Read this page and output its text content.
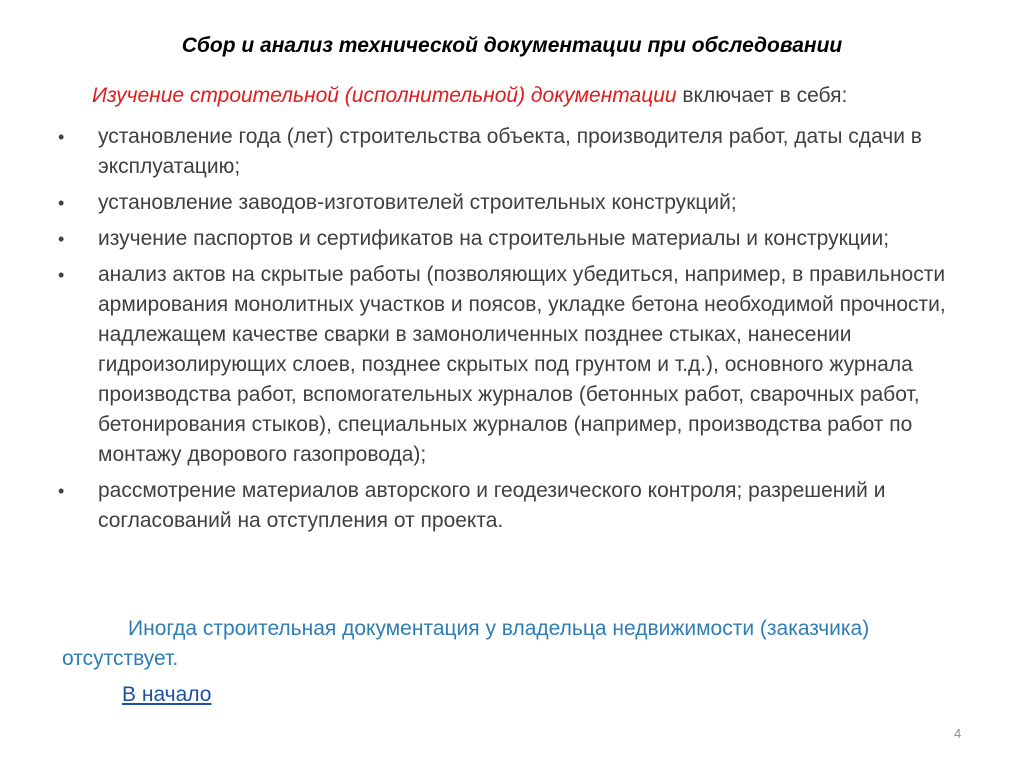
Сбор и анализ технической документации при обследовании
Изучение строительной (исполнительной) документации включает в себя:
• установление года (лет) строительства объекта, производителя работ, даты сдачи в эксплуатацию;
• установление заводов-изготовителей строительных конструкций;
• изучение паспортов и сертификатов на строительные материалы и конструкции;
• анализ актов на скрытые работы (позволяющих убедиться, например, в правильности армирования монолитных участков и поясов, укладке бетона необходимой прочности, надлежащем качестве сварки в замоноличенных позднее стыках, нанесении гидроизолирующих слоев, позднее скрытых под грунтом и т.д.), основного журнала производства работ, вспомогательных журналов (бетонных работ, сварочных работ, бетонирования стыков), специальных журналов (например, производства работ по монтажу дворового газопровода);
• рассмотрение материалов авторского и геодезического контроля; разрешений и согласований на отступления от проекта.
Иногда строительная документация у владельца недвижимости (заказчика) отсутствует.
В начало
4
